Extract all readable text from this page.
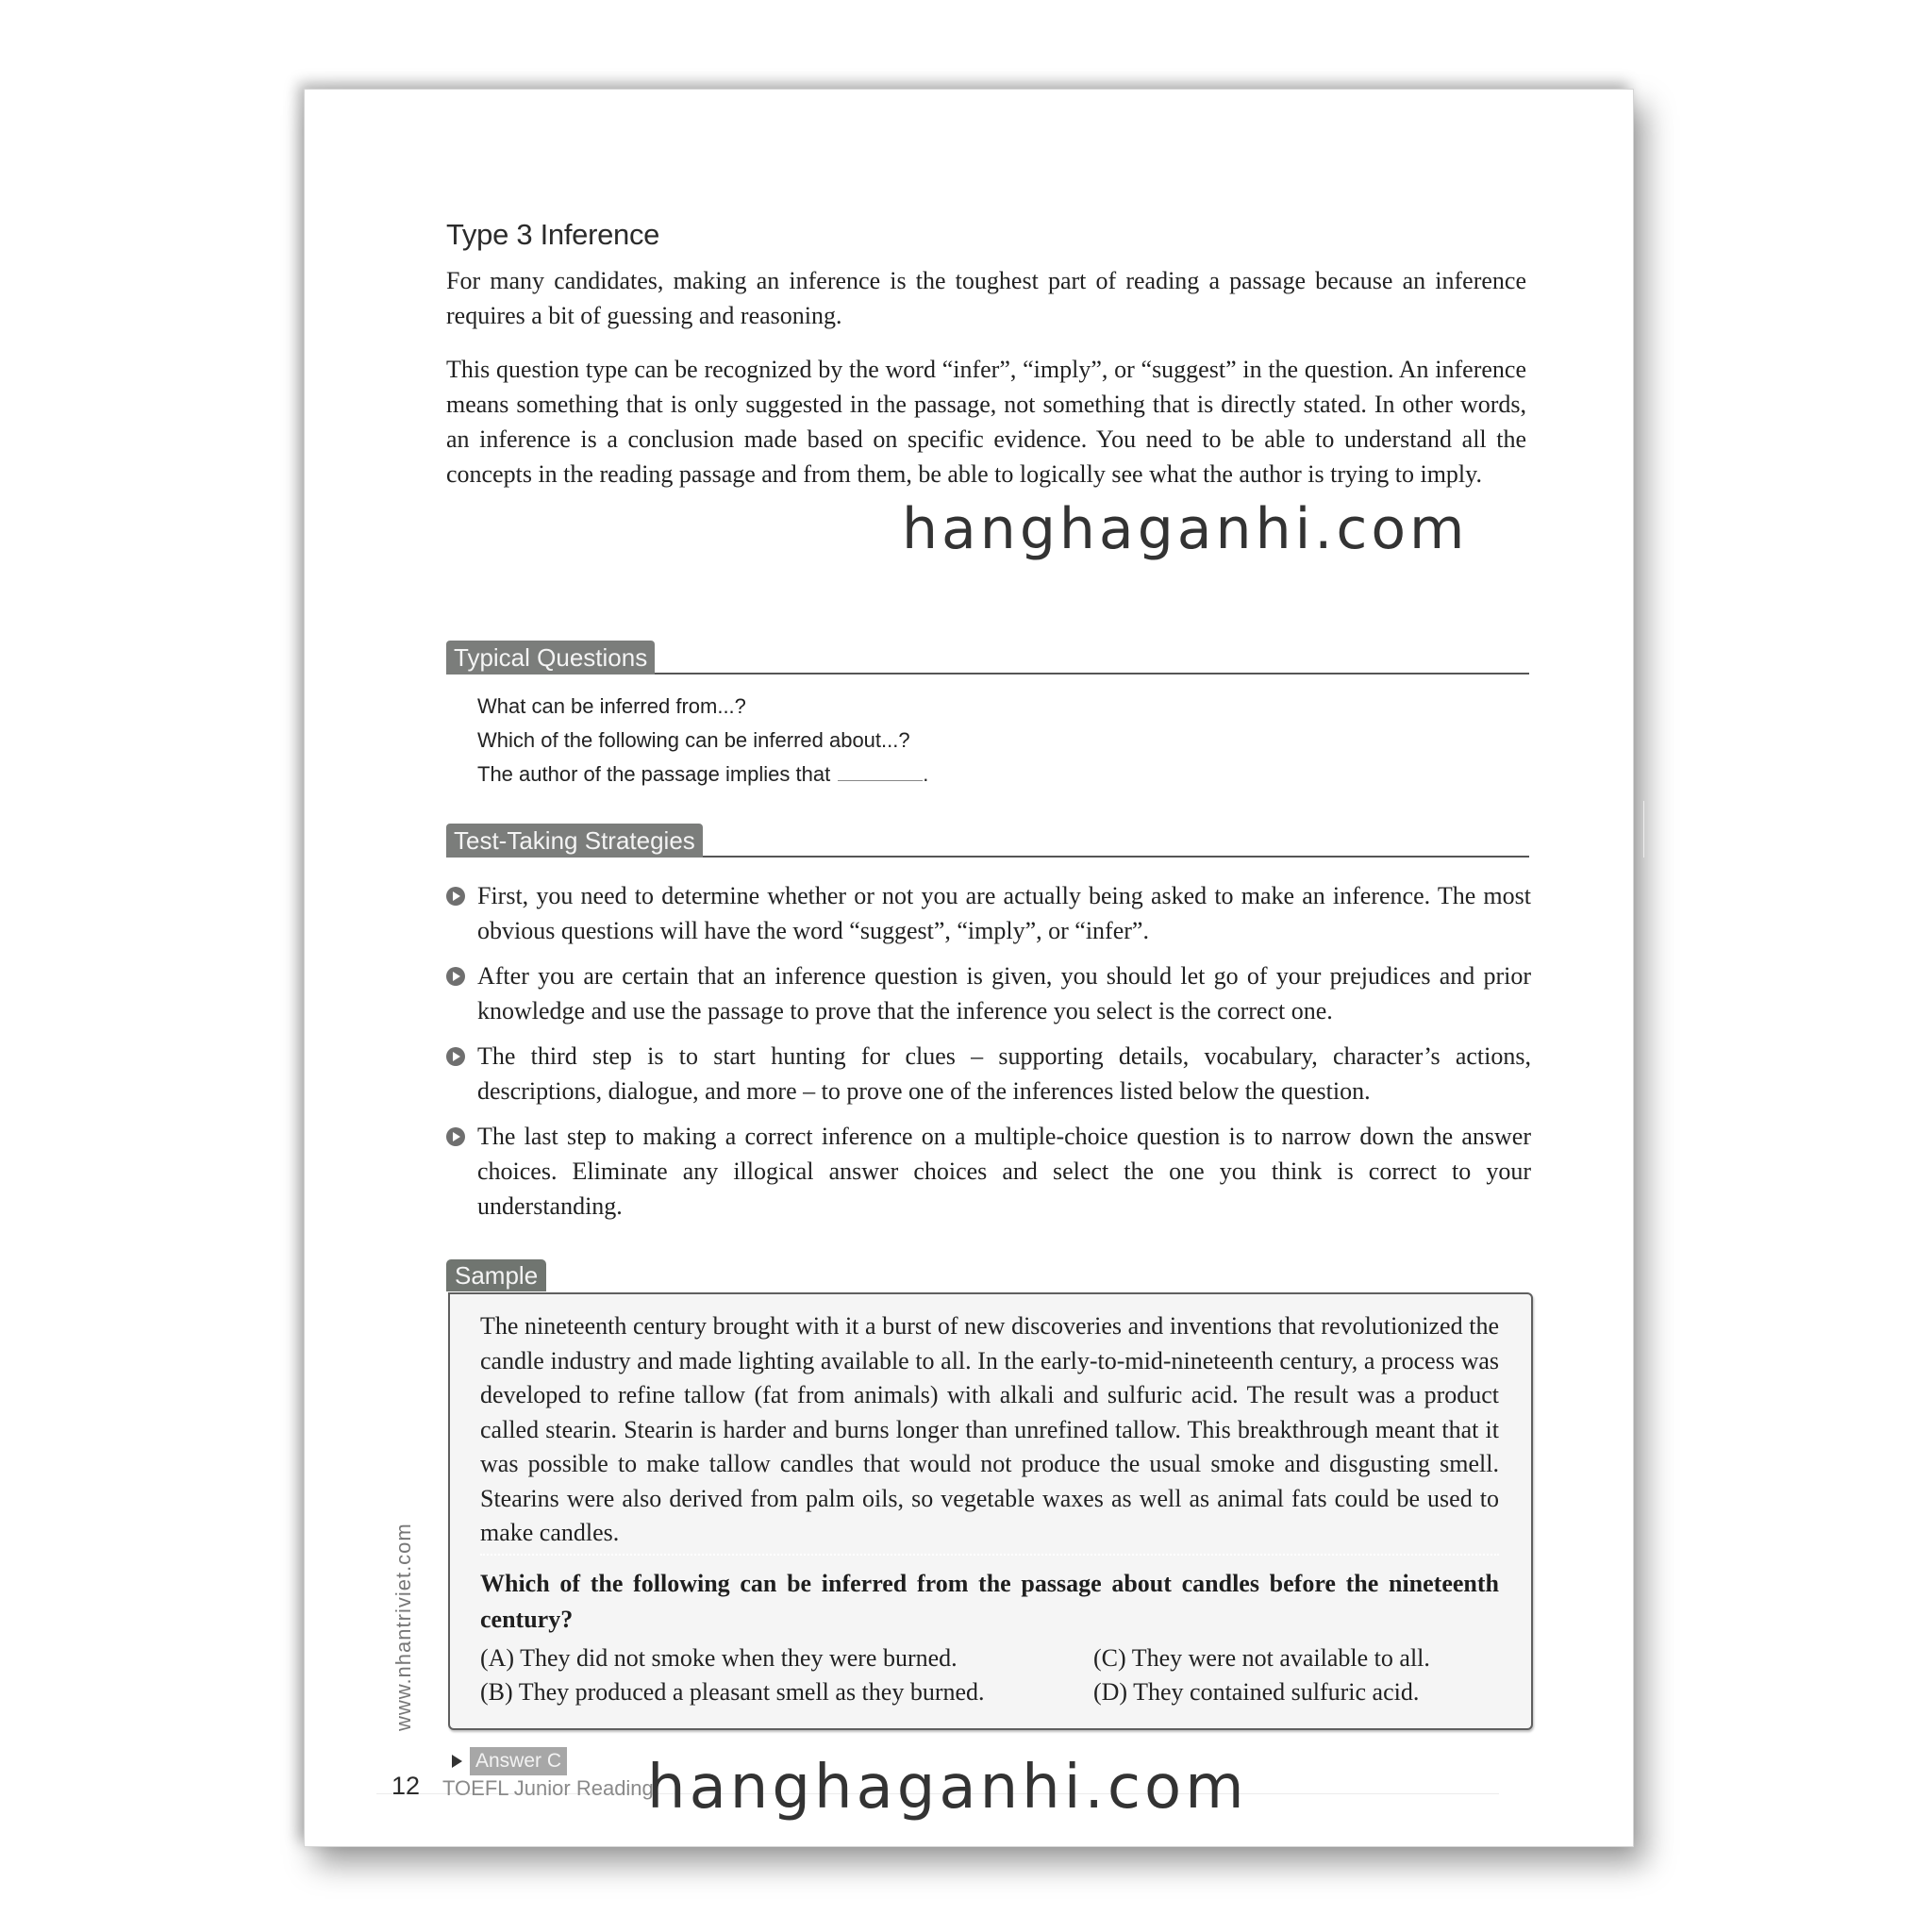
Type 3 Inference

For many candidates, making an inference is the toughest part of reading a passage because an inference requires a bit of guessing and reasoning.

This question type can be recognized by the word “infer”, “imply”, or “suggest” in the question. An inference means something that is only suggested in the passage, not something that is directly stated. In other words, an inference is a conclusion made based on specific evidence. You need to be able to understand all the concepts in the reading passage and from them, be able to logically see what the author is trying to imply.

Typical Questions
What can be inferred from...?
Which of the following can be inferred about...?
The author of the passage implies that	.
Test-Taking Strategies
First, you need to determine whether or not you are actually being asked to make an inference. The most obvious questions will have the word “suggest”, “imply”, or “infer”.
After you are certain that an inference question is given, you should let go of your prejudices and prior knowledge and use the passage to prove that the inference you select is the correct one.
The third step is to start hunting for clues – supporting details, vocabulary, character’s actions, descriptions, dialogue, and more – to prove one of the inferences listed below the question.
The last step to making a correct inference on a multiple-choice question is to narrow down the answer choices. Eliminate any illogical answer choices and select the one you think is correct to your understanding.
Sample

The nineteenth century brought with it a burst of new discoveries and inventions that revolutionized the candle industry and made lighting available to all. In the early-to-mid-nineteenth century, a process was developed to refine tallow (fat from animals) with alkali and sulfuric acid. The result was a product called stearin. Stearin is harder and burns longer than unrefined tallow. This breakthrough meant that it was possible to make tallow candles that would not produce the usual smoke and disgusting smell. Stearins were also derived from palm oils, so vegetable waxes as well as animal fats could be used to make candles.

Which of the following can be inferred from the passage about candles before the nineteenth century?

(A) They did not smoke when they were burned.	(C) They were not available to all.
(B) They produced a pleasant smell as they burned.	(D) They contained sulfuric acid.
Answer C
www.nhantriviet.com
12 TOEFL Junior Reading
hanghaganhi.com
hanghaganhi.com
